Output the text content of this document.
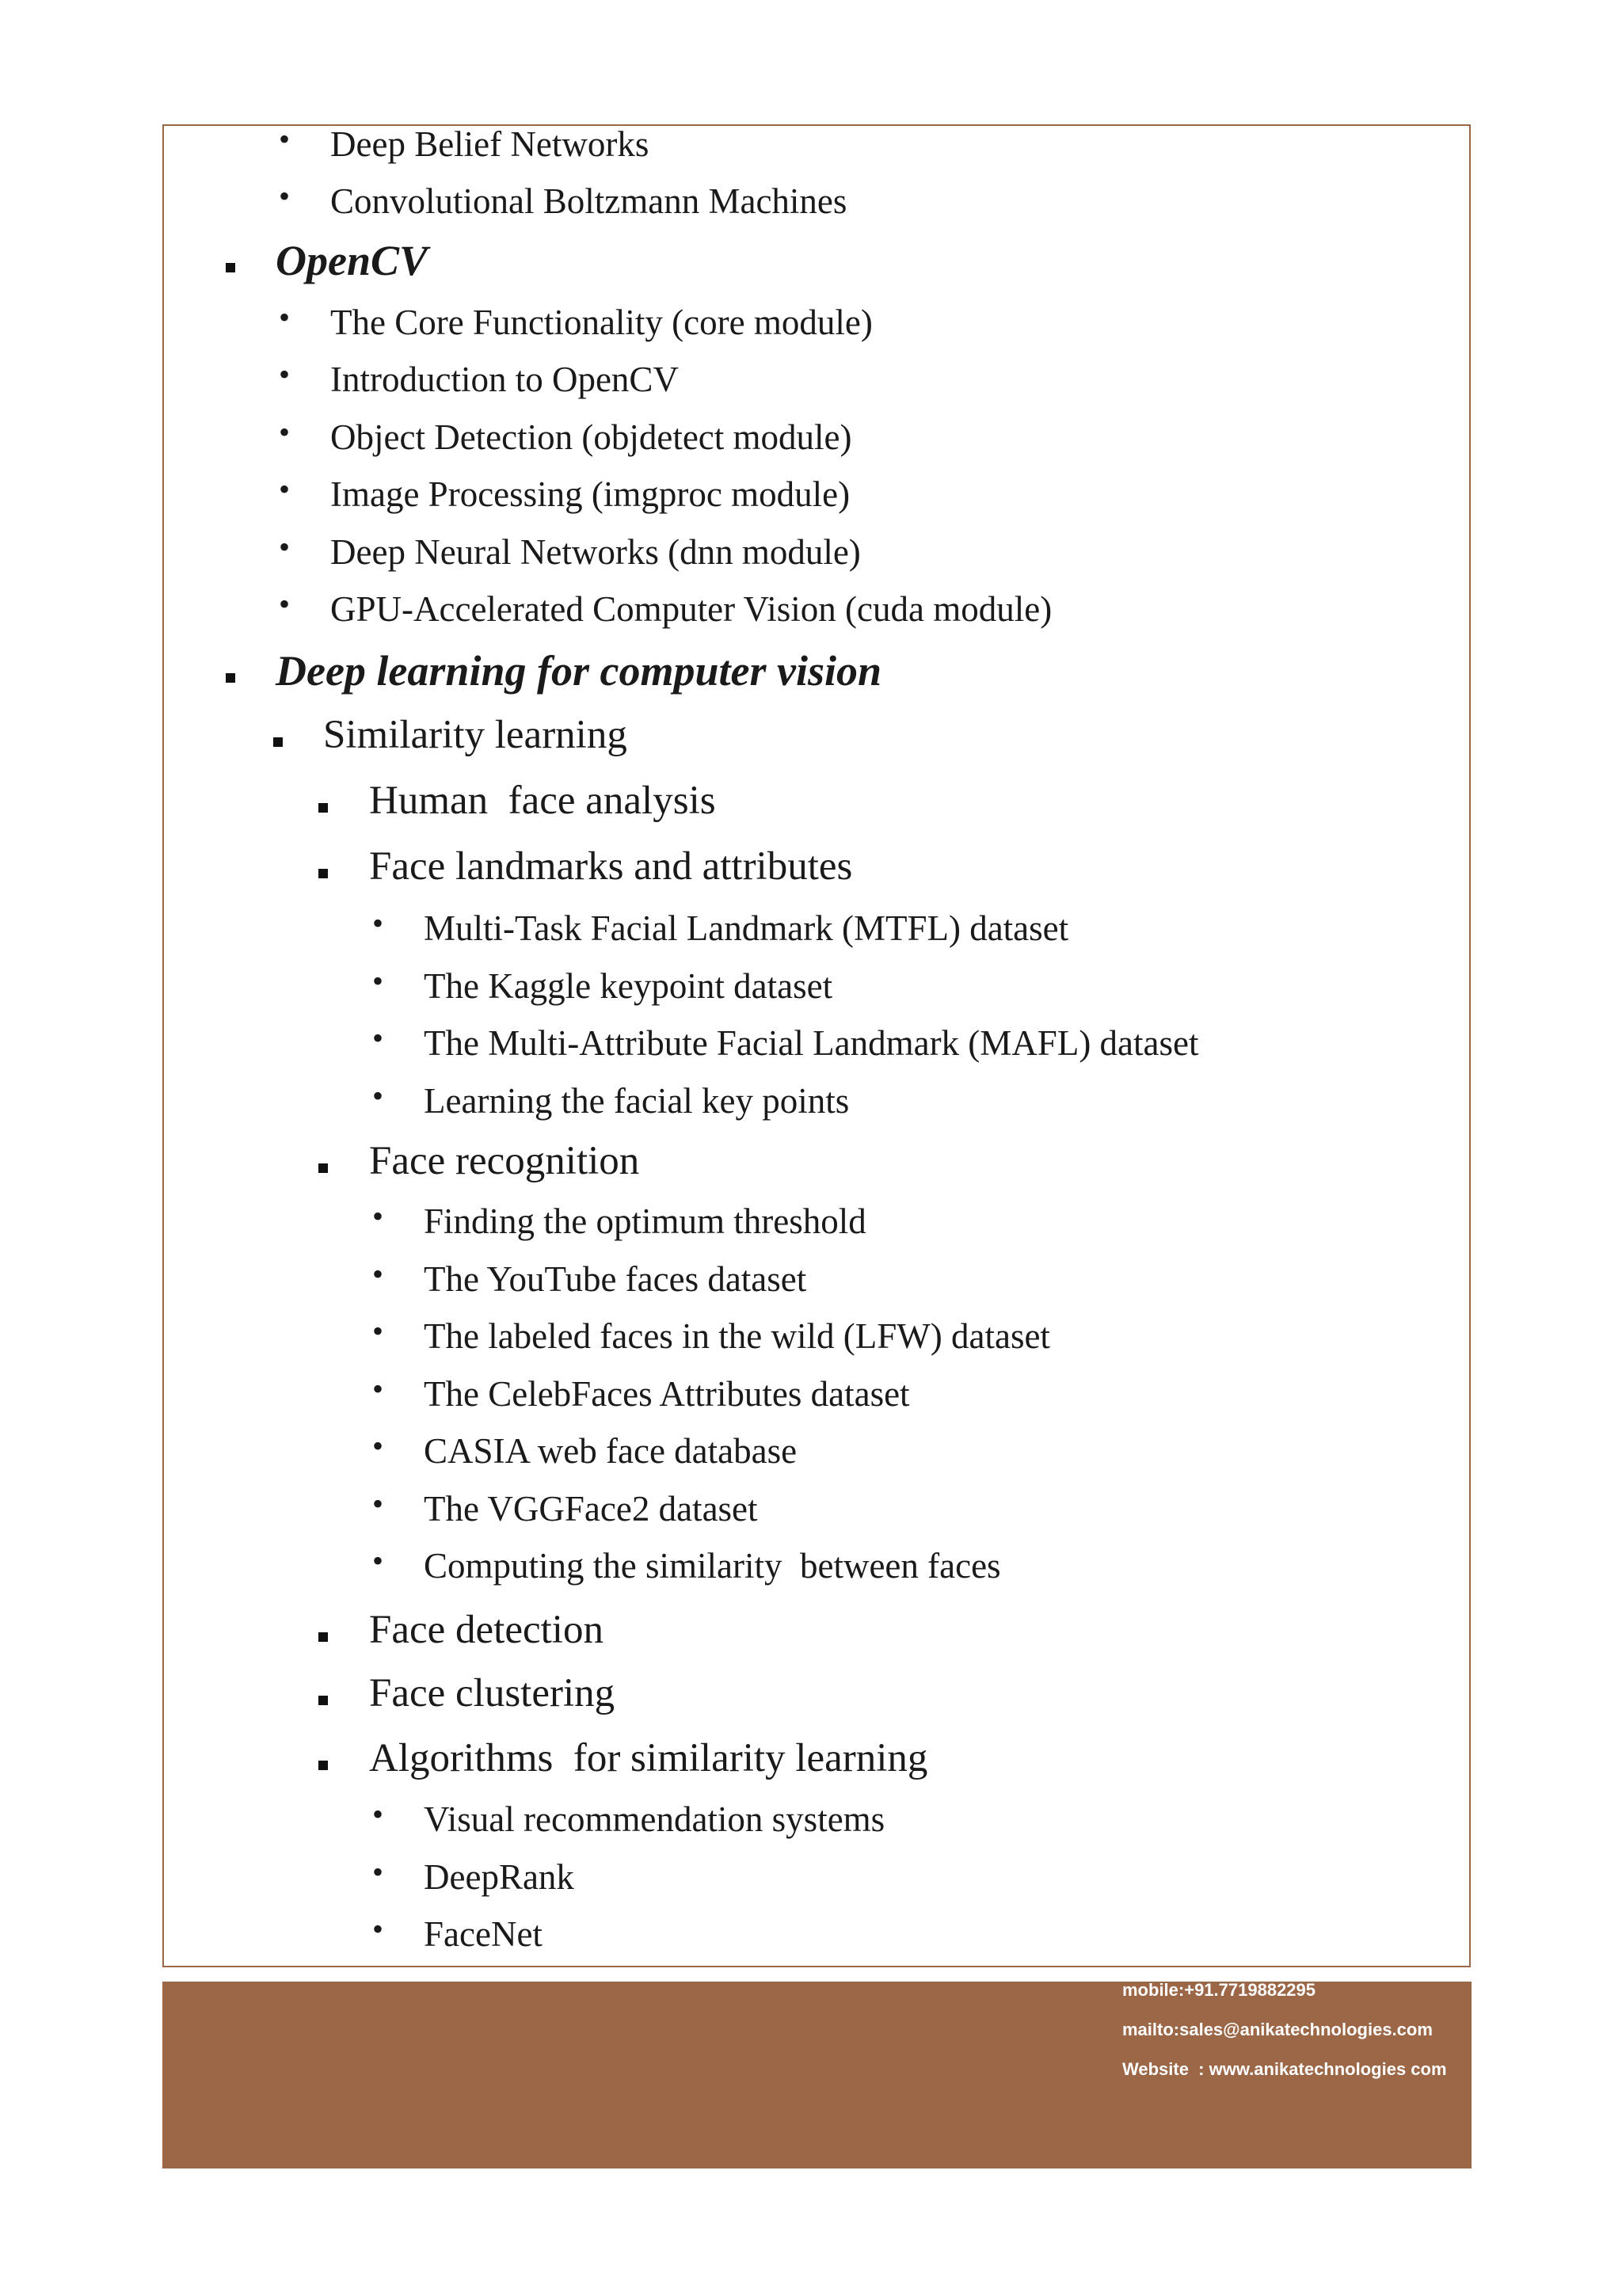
• Deep Belief Networks
• Convolutional Boltzmann Machines
OpenCV
• The Core Functionality (core module)
• Introduction to OpenCV
• Object Detection (objdetect module)
• Image Processing (imgproc module)
• Deep Neural Networks (dnn module)
• GPU-Accelerated Computer Vision (cuda module)
Deep learning for computer vision
Similarity learning
Human  face analysis
Face landmarks and attributes
• Multi-Task Facial Landmark (MTFL) dataset
• The Kaggle keypoint dataset
• The Multi-Attribute Facial Landmark (MAFL) dataset
• Learning the facial key points
Face recognition
• Finding the optimum threshold
• The YouTube faces dataset
• The labeled faces in the wild (LFW) dataset
• The CelebFaces Attributes dataset
• CASIA web face database
• The VGGFace2 dataset
• Computing the similarity  between faces
Face detection
Face clustering
Algorithms  for similarity learning
• Visual recommendation systems
• DeepRank
• FaceNet
mobile:+91.7719882295
mailto:sales@anikatechnologies.com
Website  : www.anikatechnologies com
